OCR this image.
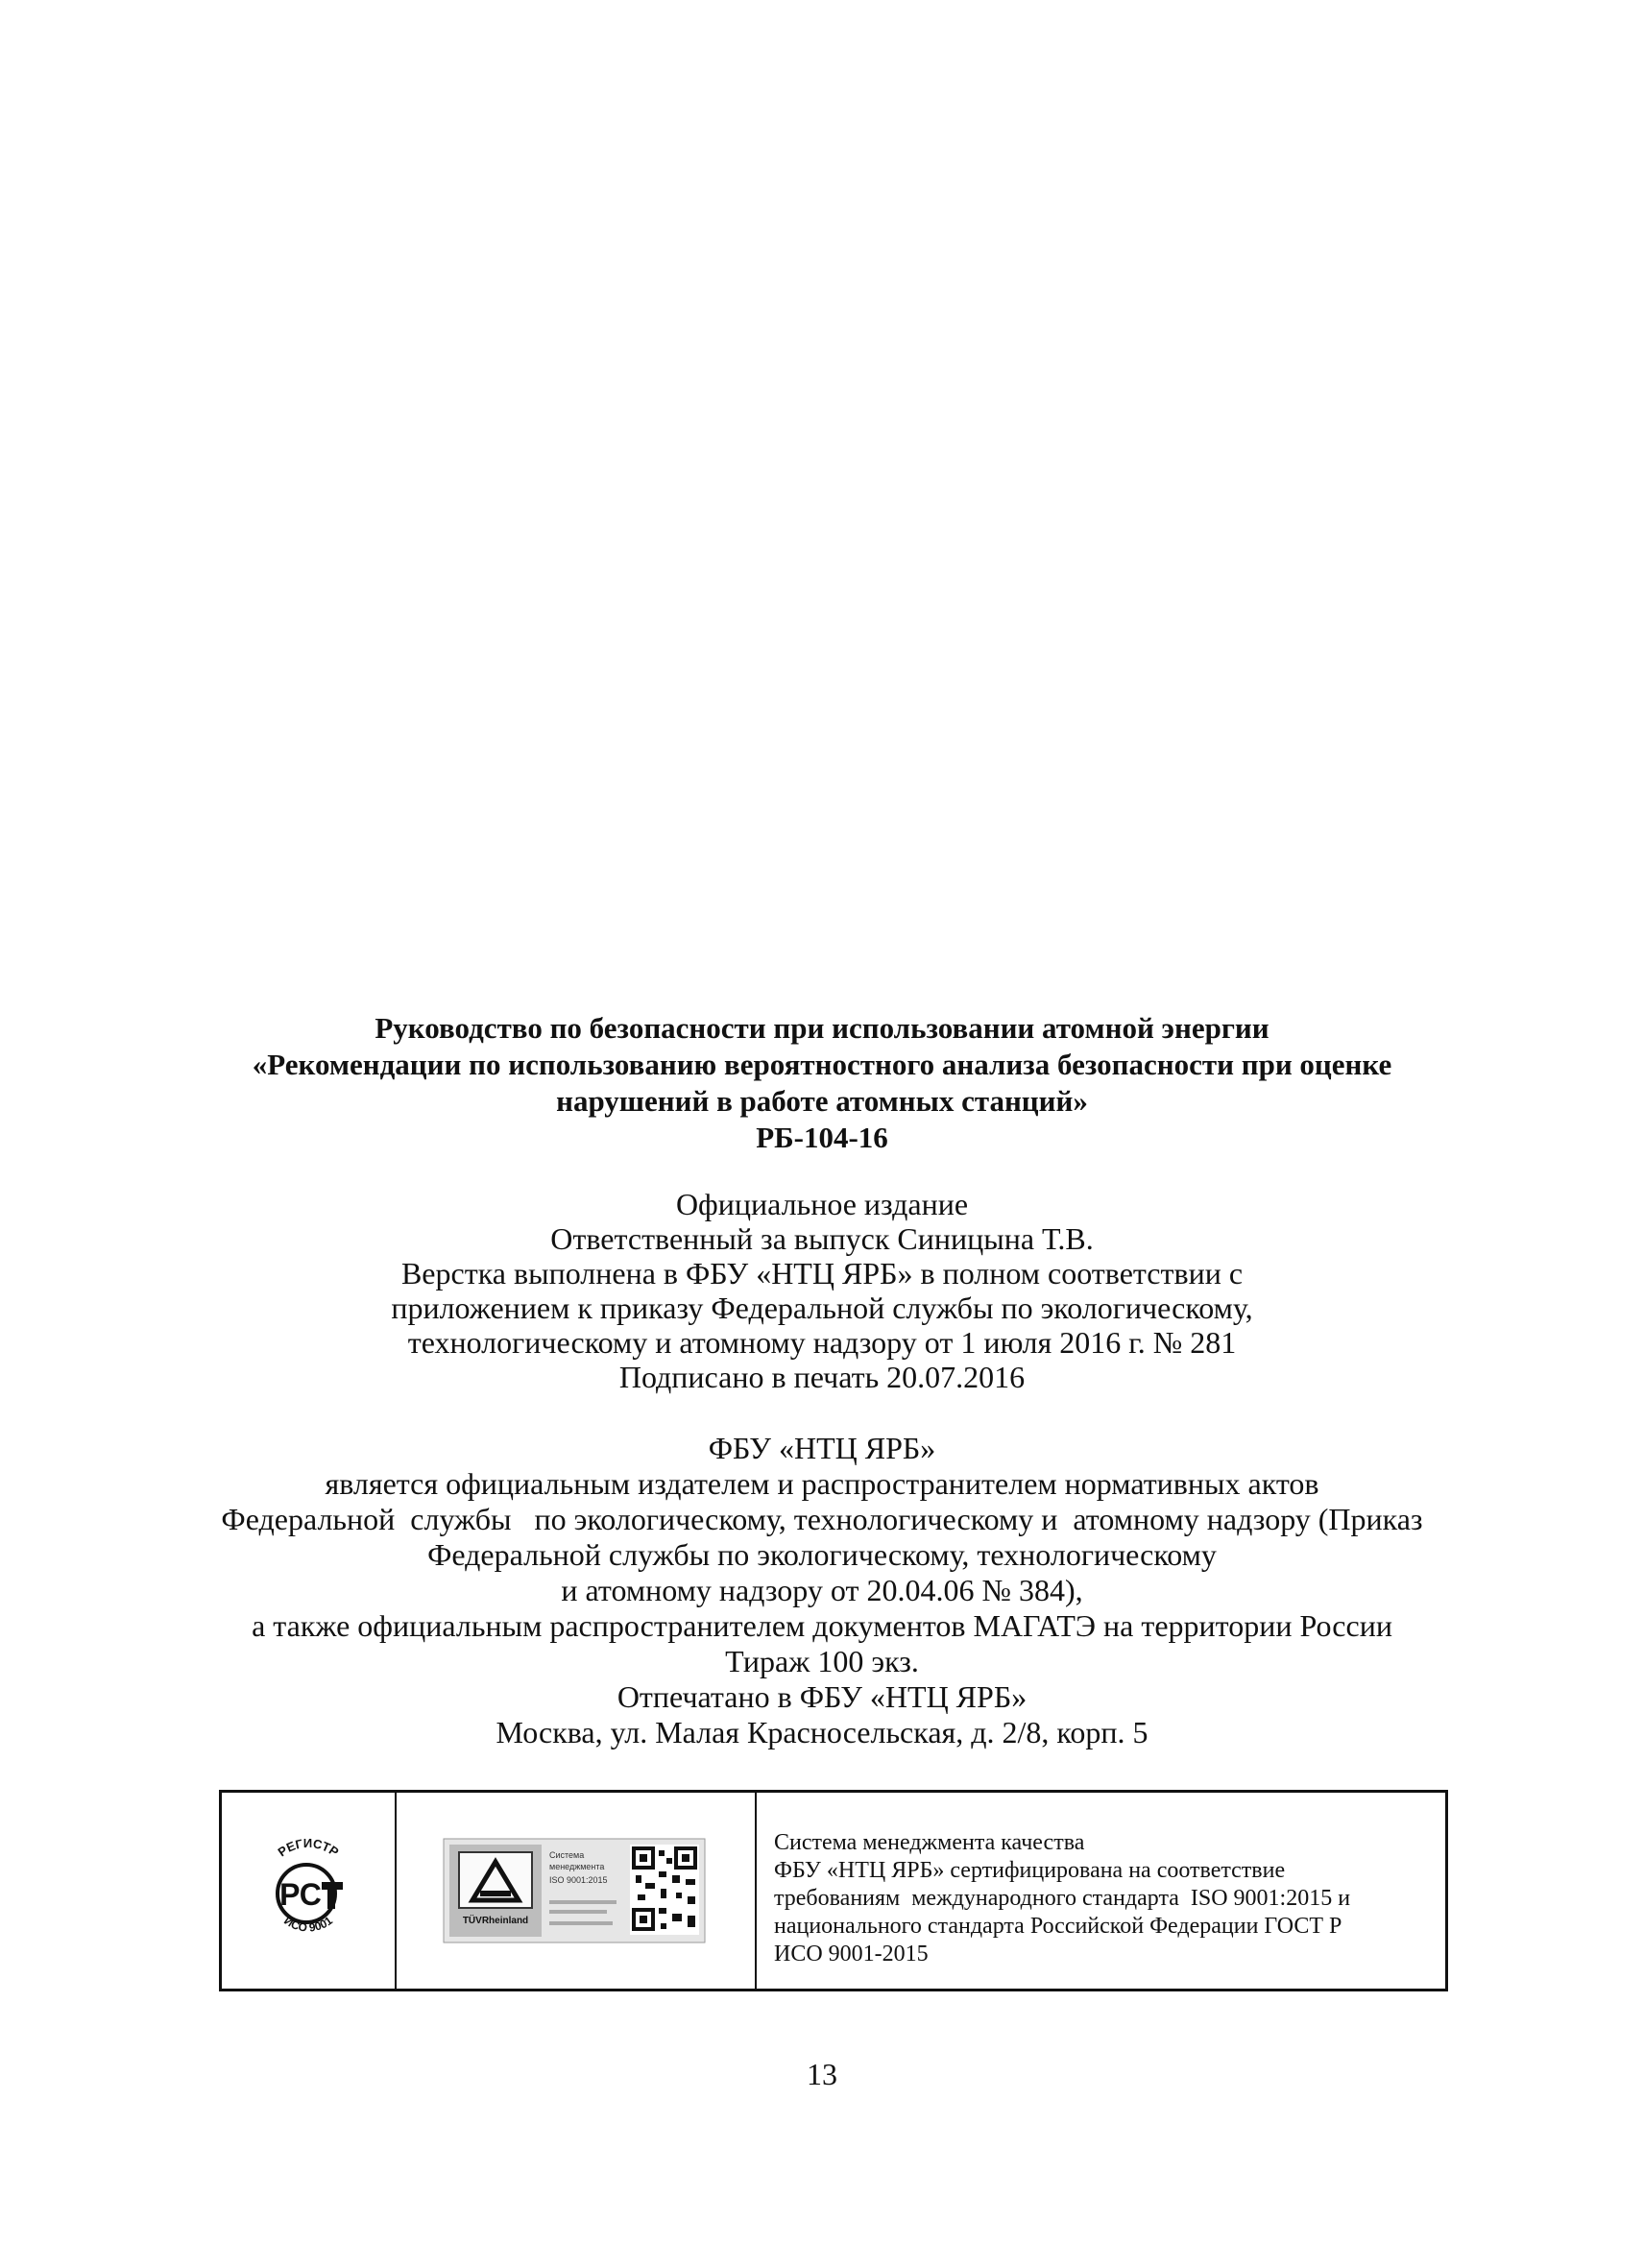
Руководство по безопасности при использовании атомной энергии
«Рекомендации по использованию вероятностного анализа безопасности при оценке
нарушений в работе атомных станций»
РБ-104-16
Официальное издание
Ответственный за выпуск Синицына Т.В.
Верстка выполнена в ФБУ «НТЦ ЯРБ» в полном соответствии с
приложением к приказу Федеральной службы по экологическому,
технологическому и атомному надзору от 1 июля 2016 г. № 281
Подписано в печать 20.07.2016
ФБУ «НТЦ ЯРБ»
является официальным издателем и распространителем нормативных актов
Федеральной  службы   по экологическому, технологическому и  атомному надзору (Приказ
Федеральной службы по экологическому, технологическому
и атомному надзору от 20.04.06 № 384),
а также официальным распространителем документов МАГАТЭ на территории России
Тираж 100 экз.
Отпечатано в ФБУ «НТЦ ЯРБ»
Москва, ул. Малая Красносельская, д. 2/8, корп. 5
РЕГИСТР
РС
ИСО 9001	TÜVRheinland
Система
менеджмента
ISO 9001:2015
Система менеджмента качества
ФБУ «НТЦ ЯРБ» сертифицирована на соответствие
требованиям  международного стандарта  ISO 9001:2015 и
национального стандарта Российской Федерации ГОСТ Р
ИСО 9001-2015
13
